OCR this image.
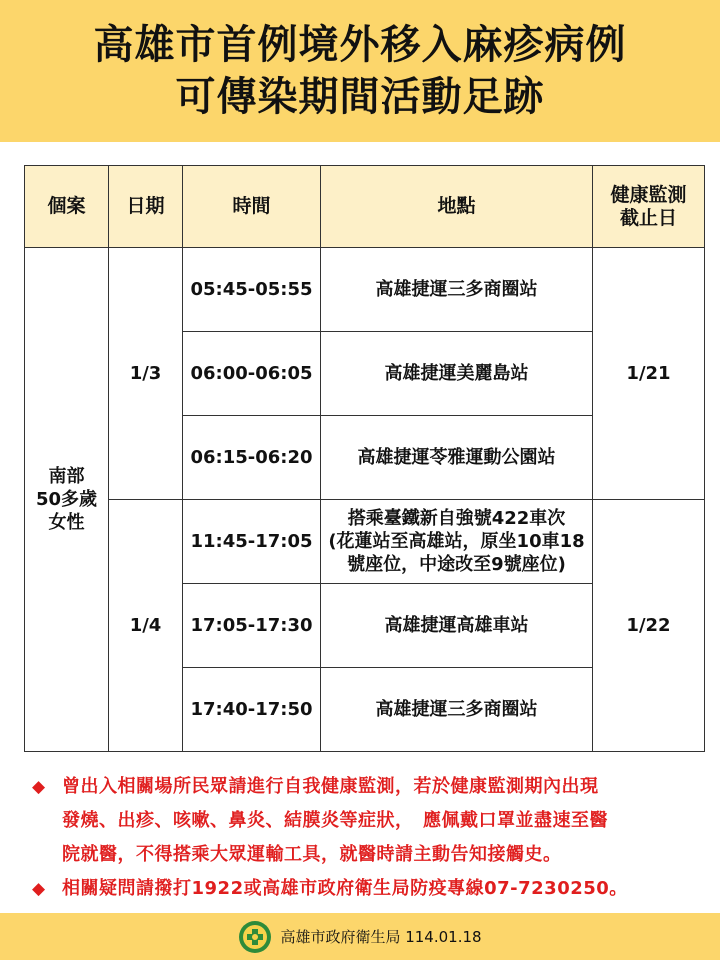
高雄市首例境外移入麻疹病例
可傳染期間活動足跡
個案	日期	時間	地點	健康監測
截止日

南部
50多歲
女性	1/3	05:45-05:55	高雄捷運三多商圈站	1/21
		06:00-06:05	高雄捷運美麗島站	
		06:15-06:20	高雄捷運苓雅運動公園站	
	1/4	11:45-17:05	搭乘臺鐵新自強號422車次
(花蓮站至高雄站，原坐10車18
號座位，中途改至9號座位)	1/22
		17:05-17:30	高雄捷運高雄車站	
		17:40-17:50	高雄捷運三多商圈站	
◆ 曾出入相關場所民眾請進行自我健康監測，若於健康監測期內出現
發燒、出疹、咳嗽、鼻炎、結膜炎等症狀，　應佩戴口罩並盡速至醫
院就醫，不得搭乘大眾運輸工具，就醫時請主動告知接觸史。
◆ 相關疑問請撥打1922或高雄市政府衛生局防疫專線07-7230250。
高雄市政府衛生局 114.01.18
